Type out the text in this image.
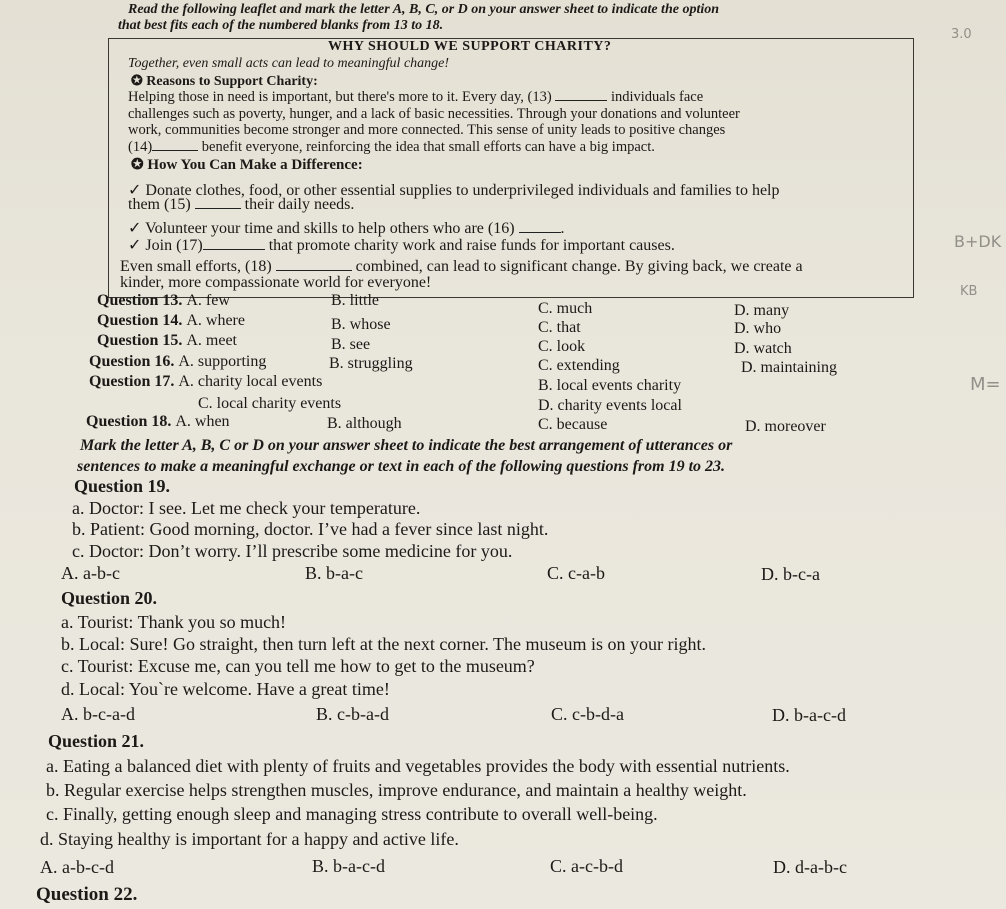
Read the following leaflet and mark the letter A, B, C, or D on your answer sheet to indicate the option
that best fits each of the numbered blanks from 13 to 18.
WHY SHOULD WE SUPPORT CHARITY?
Together, even small acts can lead to meaningful change!
✪ Reasons to Support Charity:
Helping those in need is important, but there's more to it. Every day, (13)	individuals face
challenges such as poverty, hunger, and a lack of basic necessities. Through your donations and volunteer
work, communities become stronger and more connected. This sense of unity leads to positive changes
(14)	benefit everyone, reinforcing the idea that small efforts can have a big impact.
✪ How You Can Make a Difference:
✓ Donate clothes, food, or other essential supplies to underprivileged individuals and families to help
them (15)	their daily needs.
✓ Volunteer your time and skills to help others who are (16)	.
✓ Join (17)	that promote charity work and raise funds for important causes.
Even small efforts, (18)	combined, can lead to significant change. By giving back, we create a
kinder, more compassionate world for everyone!
Question 13. A. few	B. little	C. much	D. many
Question 14. A. where	B. whose	C. that	D. who
Question 15. A. meet	B. see	C. look	D. watch
Question 16. A. supporting	B. struggling	C. extending	D. maintaining
Question 17. A. charity local events	B. local events charity
C. local charity events	D. charity events local
Question 18. A. when	B. although	C. because	D. moreover
Mark the letter A, B, C or D on your answer sheet to indicate the best arrangement of utterances or
sentences to make a meaningful exchange or text in each of the following questions from 19 to 23.
Question 19.
a. Doctor: I see. Let me check your temperature.
b. Patient: Good morning, doctor. I’ve had a fever since last night.
c. Doctor: Don’t worry. I’ll prescribe some medicine for you.
A. a-b-c	B. b-a-c	C. c-a-b	D. b-c-a
Question 20.
a. Tourist: Thank you so much!
b. Local: Sure! Go straight, then turn left at the next corner. The museum is on your right.
c. Tourist: Excuse me, can you tell me how to get to the museum?
d. Local: You`re welcome. Have a great time!
A. b-c-a-d	B. c-b-a-d	C. c-b-d-a	D. b-a-c-d
Question 21.
a. Eating a balanced diet with plenty of fruits and vegetables provides the body with essential nutrients.
b. Regular exercise helps strengthen muscles, improve endurance, and maintain a healthy weight.
c. Finally, getting enough sleep and managing stress contribute to overall well-being.
d. Staying healthy is important for a happy and active life.
A. a-b-c-d	B. b-a-c-d	C. a-c-b-d	D. d-a-b-c
Question 22.
B+DK
KB
M=
3.0
